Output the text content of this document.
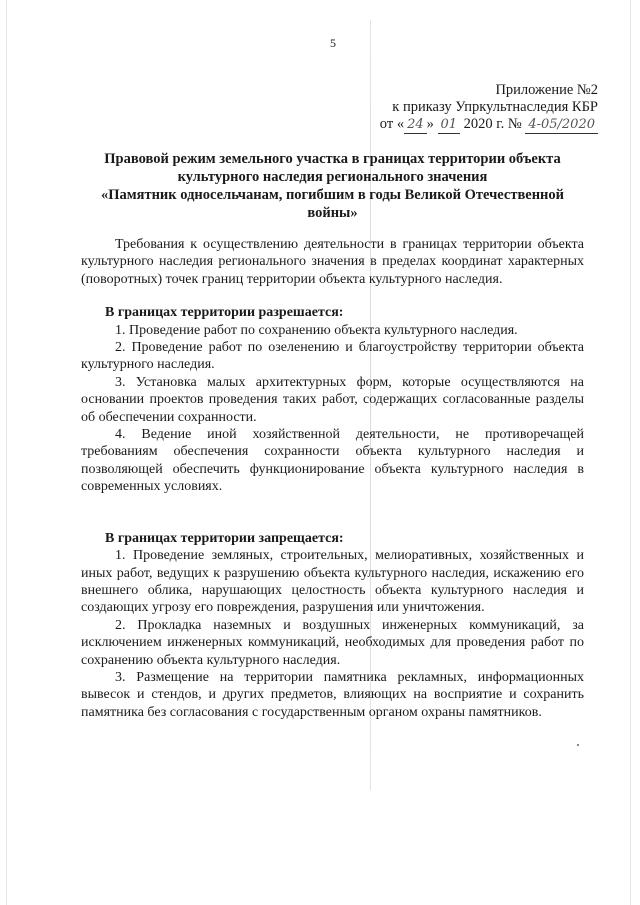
5
Приложение №2
к приказу Упркультнаследия КБР
от « 24 » 01 2020 г. № 4-05/2020
Правовой режим земельного участка в границах территории объекта
культурного наследия регионального значения
«Памятник односельчанам, погибшим в годы Великой Отечественной
войны»

Требования к осуществлению деятельности в границах территории объекта культурного наследия регионального значения в пределах координат характерных (поворотных) точек границ территории объекта культурного наследия.

В границах территории разрешается:

1. Проведение работ по сохранению объекта культурного наследия.

2. Проведение работ по озеленению и благоустройству территории объекта культурного наследия.

3. Установка малых архитектурных форм, которые осуществляются на основании проектов проведения таких работ, содержащих согласованные разделы об обеспечении сохранности.

4. Ведение иной хозяйственной деятельности, не противоречащей требованиям обеспечения сохранности объекта культурного наследия и позволяющей обеспечить функционирование объекта культурного наследия в современных условиях.

В границах территории запрещается:

1. Проведение земляных, строительных, мелиоративных, хозяйственных и иных работ, ведущих к разрушению объекта культурного наследия, искажению его внешнего облика, нарушающих целостность объекта культурного наследия и создающих угрозу его повреждения, разрушения или уничтожения.

2. Прокладка наземных и воздушных инженерных коммуникаций, за исключением инженерных коммуникаций, необходимых для проведения работ по сохранению объекта культурного наследия.

3. Размещение на территории памятника рекламных, информационных вывесок и стендов, и других предметов, влияющих на восприятие и сохранить памятника без согласования с государственным органом охраны памятников.
